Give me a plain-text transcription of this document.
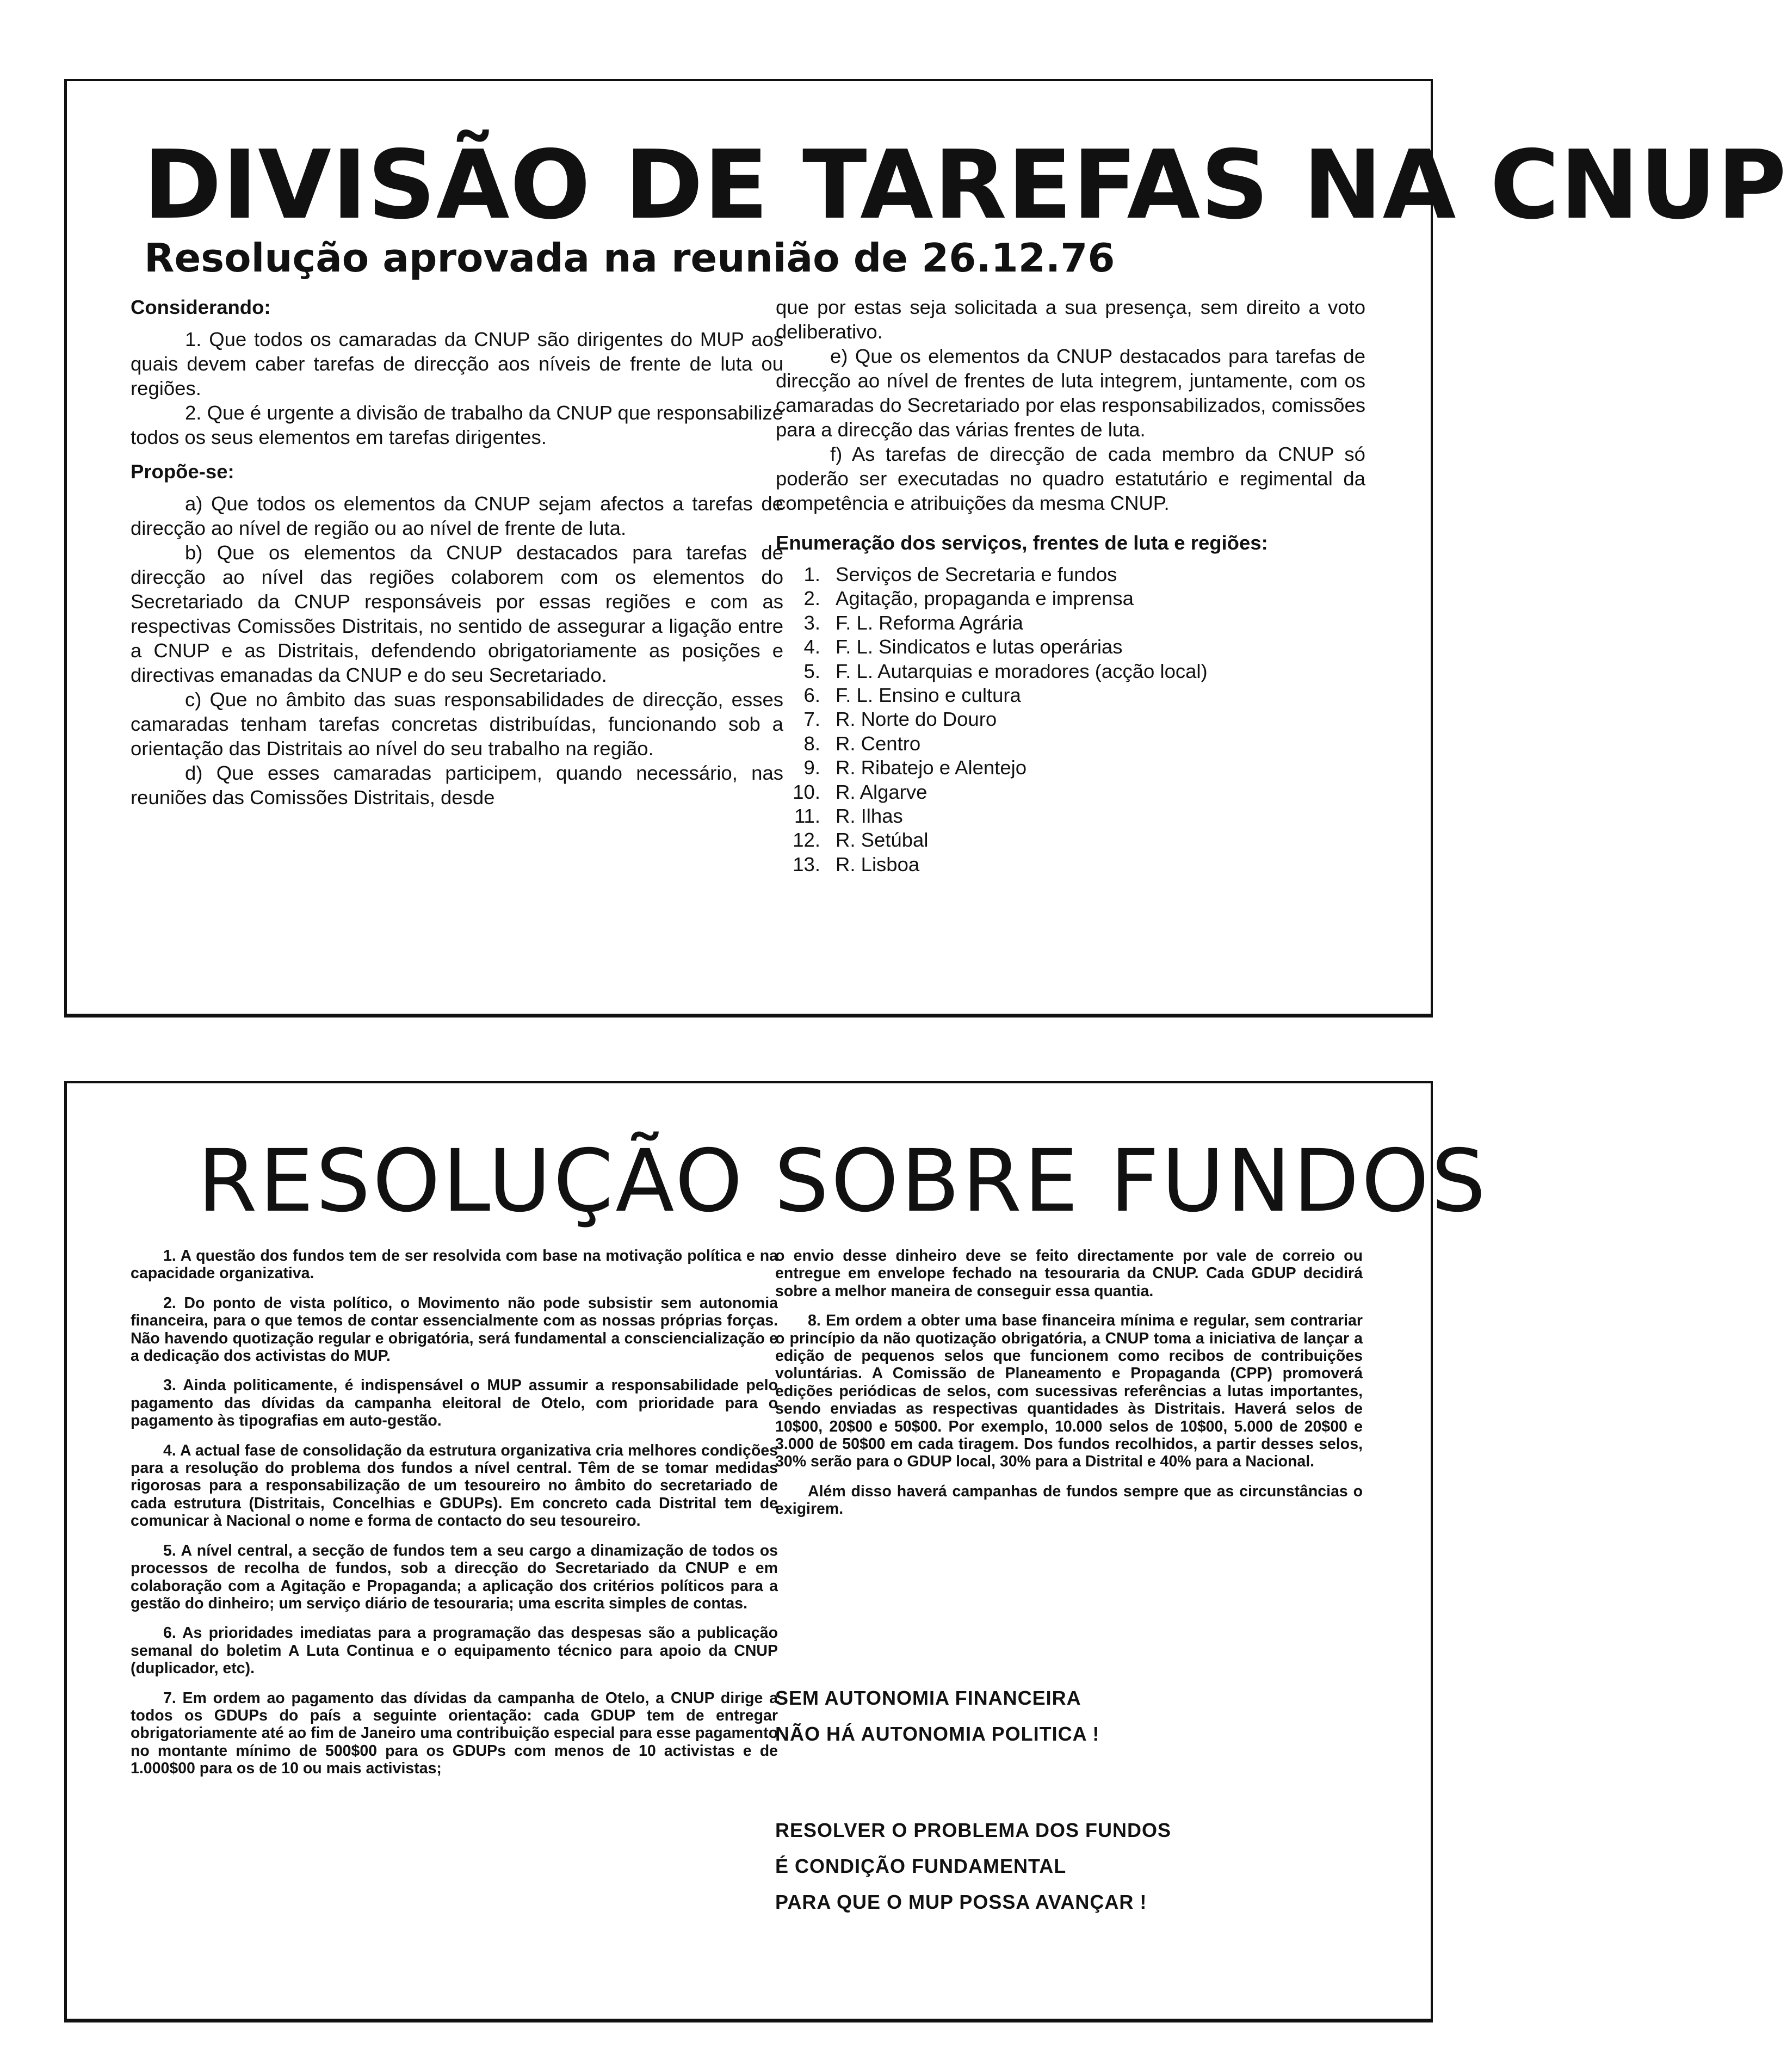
DIVISÃO DE TAREFAS NA CNUP
Resolução aprovada na reunião de 26.12.76

Considerando:

1. Que todos os camaradas da CNUP são dirigentes do MUP aos quais devem caber tarefas de direcção aos níveis de frente de luta ou regiões.

2. Que é urgente a divisão de trabalho da CNUP que responsabilize todos os seus elementos em tarefas dirigentes.

Propõe-se:

a) Que todos os elementos da CNUP sejam afectos a tarefas de direcção ao nível de região ou ao nível de frente de luta.

b) Que os elementos da CNUP destacados para tarefas de direcção ao nível das regiões colaborem com os elementos do Secretariado da CNUP responsáveis por essas regiões e com as respectivas Comissões Distritais, no sentido de assegurar a ligação entre a CNUP e as Distritais, defendendo obrigatoriamente as posições e directivas emanadas da CNUP e do seu Secretariado.

c) Que no âmbito das suas responsabilidades de direcção, esses camaradas tenham tarefas concretas distribuídas, funcionando sob a orientação das Distritais ao nível do seu trabalho na região.

d) Que esses camaradas participem, quando necessário, nas reuniões das Comissões Distritais, desde

que por estas seja solicitada a sua presença, sem direito a voto deliberativo.

e) Que os elementos da CNUP destacados para tarefas de direcção ao nível de frentes de luta integrem, juntamente, com os camaradas do Secretariado por elas responsabilizados, comissões para a direcção das várias frentes de luta.

f) As tarefas de direcção de cada membro da CNUP só poderão ser executadas no quadro estatutário e regimental da competência e atribuições da mesma CNUP.

Enumeração dos serviços, frentes de luta e regiões:

1. Serviços de Secretaria e fundos
2. Agitação, propaganda e imprensa
3. F. L. Reforma Agrária
4. F. L. Sindicatos e lutas operárias
5. F. L. Autarquias e moradores (acção local)
6. F. L. Ensino e cultura
7. R. Norte do Douro
8. R. Centro
9. R. Ribatejo e Alentejo
10. R. Algarve
11. R. Ilhas
12. R. Setúbal
13. R. Lisboa
RESOLUÇÃO SOBRE FUNDOS

1. A questão dos fundos tem de ser resolvida com base na motivação política e na capacidade organizativa.

2. Do ponto de vista político, o Movimento não pode subsistir sem autonomia financeira, para o que temos de contar essencialmente com as nossas próprias forças. Não havendo quotização regular e obrigatória, será fundamental a consciencialização e a dedicação dos activistas do MUP.

3. Ainda politicamente, é indispensável o MUP assumir a responsabilidade pelo pagamento das dívidas da campanha eleitoral de Otelo, com prioridade para o pagamento às tipografias em auto-gestão.

4. A actual fase de consolidação da estrutura organizativa cria melhores condições para a resolução do problema dos fundos a nível central. Têm de se tomar medidas rigorosas para a responsabilização de um tesoureiro no âmbito do secretariado de cada estrutura (Distritais, Concelhias e GDUPs). Em concreto cada Distrital tem de comunicar à Nacional o nome e forma de contacto do seu tesoureiro.

5. A nível central, a secção de fundos tem a seu cargo a dinamização de todos os processos de recolha de fundos, sob a direcção do Secretariado da CNUP e em colaboração com a Agitação e Propaganda; a aplicação dos critérios políticos para a gestão do dinheiro; um serviço diário de tesouraria; uma escrita simples de contas.

6. As prioridades imediatas para a programação das despesas são a publicação semanal do boletim A Luta Continua e o equipamento técnico para apoio da CNUP (duplicador, etc).

7. Em ordem ao pagamento das dívidas da campanha de Otelo, a CNUP dirige a todos os GDUPs do país a seguinte orientação: cada GDUP tem de entregar obrigatoriamente até ao fim de Janeiro uma contribuição especial para esse pagamento no montante mínimo de 500$00 para os GDUPs com menos de 10 activistas e de 1.000$00 para os de 10 ou mais activistas;

o envio desse dinheiro deve se feito directamente por vale de correio ou entregue em envelope fechado na tesouraria da CNUP. Cada GDUP decidirá sobre a melhor maneira de conseguir essa quantia.

8. Em ordem a obter uma base financeira mínima e regular, sem contrariar o princípio da não quotização obrigatória, a CNUP toma a iniciativa de lançar a edição de pequenos selos que funcionem como recibos de contribuições voluntárias. A Comissão de Planeamento e Propaganda (CPP) promoverá edições periódicas de selos, com sucessivas referências a lutas importantes, sendo enviadas as respectivas quantidades às Distritais. Haverá selos de 10$00, 20$00 e 50$00. Por exemplo, 10.000 selos de 10$00, 5.000 de 20$00 e 3.000 de 50$00 em cada tiragem. Dos fundos recolhidos, a partir desses selos, 30% serão para o GDUP local, 30% para a Distrital e 40% para a Nacional.

Além disso haverá campanhas de fundos sempre que as circunstâncias o exigirem.

SEM AUTONOMIA FINANCEIRA
NÃO HÁ AUTONOMIA POLITICA !
RESOLVER O PROBLEMA DOS FUNDOS
É CONDIÇÃO FUNDAMENTAL
PARA QUE O MUP POSSA AVANÇAR !
